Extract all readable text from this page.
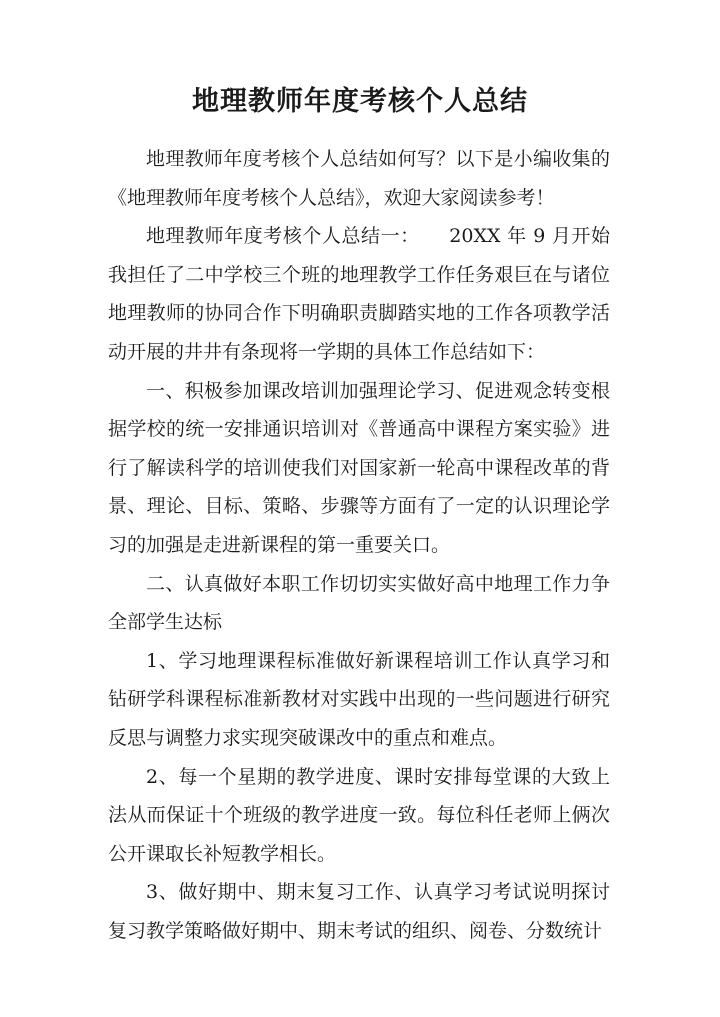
地理教师年度考核个人总结

地理教师年度考核个人总结如何写？以下是小编收集的《地理教师年度考核个人总结》，欢迎大家阅读参考！

地理教师年度考核个人总结一：　　20XX 年 9 月开始我担任了二中学校三个班的地理教学工作任务艰巨在与诸位地理教师的协同合作下明确职责脚踏实地的工作各项教学活动开展的井井有条现将一学期的具体工作总结如下：

一、积极参加课改培训加强理论学习、促进观念转变根据学校的统一安排通识培训对《普通高中课程方案实验》进行了解读科学的培训使我们对国家新一轮高中课程改革的背景、理论、目标、策略、步骤等方面有了一定的认识理论学习的加强是走进新课程的第一重要关口。

二、认真做好本职工作切切实实做好高中地理工作力争全部学生达标

1、学习地理课程标准做好新课程培训工作认真学习和钻研学科课程标准新教材对实践中出现的一些问题进行研究反思与调整力求实现突破课改中的重点和难点。

2、每一个星期的教学进度、课时安排每堂课的大致上法从而保证十个班级的教学进度一致。每位科任老师上俩次公开课取长补短教学相长。

3、做好期中、期末复习工作、认真学习考试说明探讨复习教学策略做好期中、期末考试的组织、阅卷、分数统计
